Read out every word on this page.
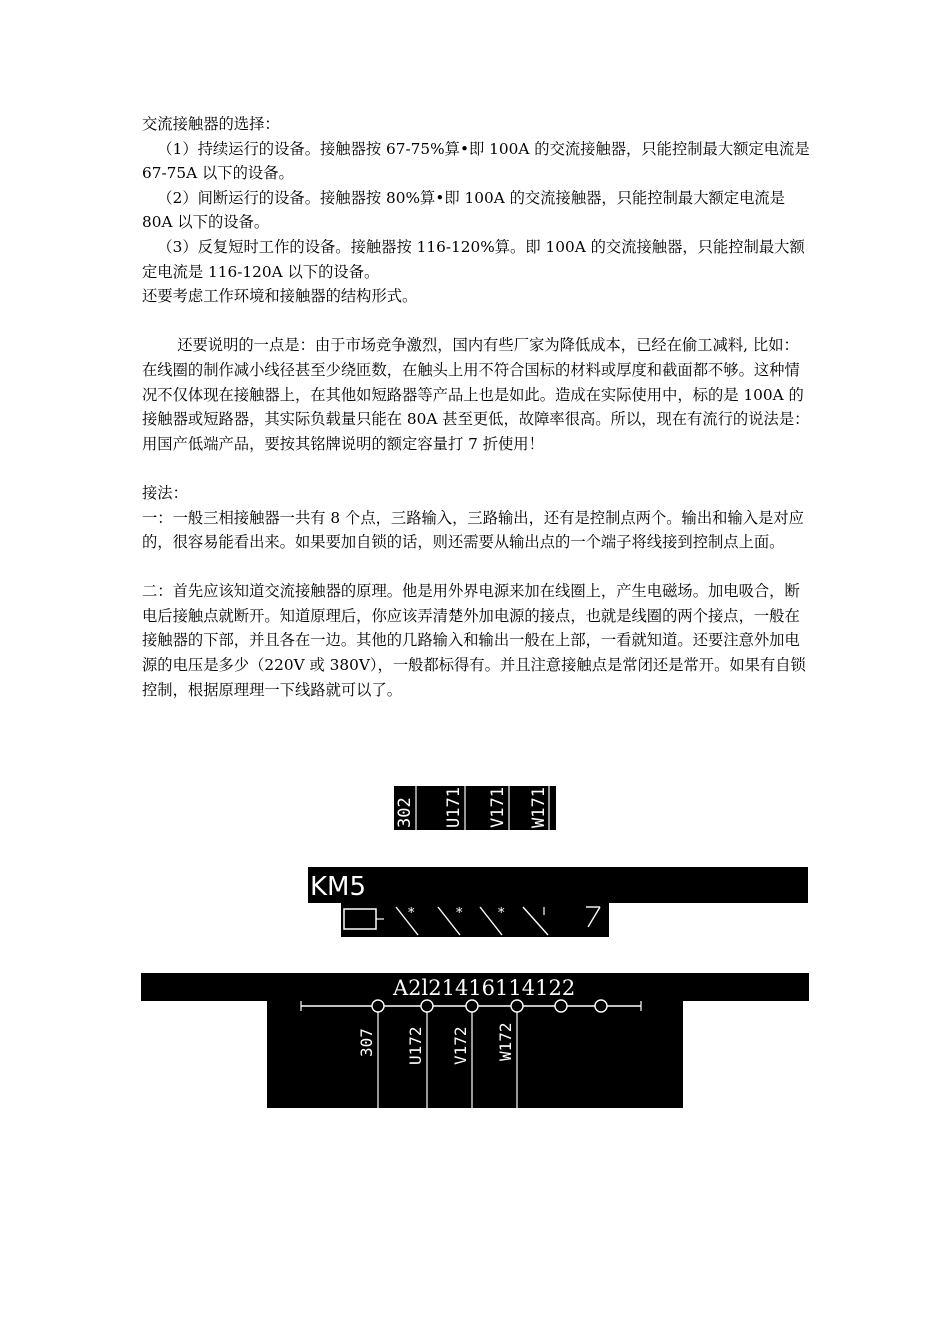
交流接触器的选择：

（1）持续运行的设备。接触器按 67-75%算•即 100A 的交流接触器，只能控制最大额定电流是 67-75A 以下的设备。

（2）间断运行的设备。接触器按 80%算•即 100A 的交流接触器，只能控制最大额定电流是 80A 以下的设备。

（3）反复短时工作的设备。接触器按 116-120%算。即 100A 的交流接触器，只能控制最大额定电流是 116-120A 以下的设备。

还要考虑工作环境和接触器的结构形式。

还要说明的一点是：由于市场竞争激烈，国内有些厂家为降低成本，已经在偷工减料, 比如：在线圈的制作减小线径甚至少绕匝数，在触头上用不符合国标的材料或厚度和截面都不够。这种情况不仅体现在接触器上，在其他如短路器等产品上也是如此。造成在实际使用中，标的是 100A 的接触器或短路器，其实际负载量只能在 80A 甚至更低，故障率很高。所以，现在有流行的说法是：用国产低端产品，要按其铭牌说明的额定容量打 7 折使用！

接法：

一：一般三相接触器一共有 8 个点，三路输入，三路输出，还有是控制点两个。输出和输入是对应的，很容易能看出来。如果要加自锁的话，则还需要从输出点的一个端子将线接到控制点上面。

二：首先应该知道交流接触器的原理。他是用外界电源来加在线圈上，产生电磁场。加电吸合，断电后接触点就断开。知道原理后，你应该弄清楚外加电源的接点，也就是线圈的两个接点，一般在接触器的下部，并且各在一边。其他的几路输入和输出一般在上部，一看就知道。还要注意外加电源的电压是多少（220V 或 380V），一般都标得有。并且注意接触点是常闭还是常开。如果有自锁控制，根据原理理一下线路就可以了。

302 U171 V171 W171
KM5
*	*	*
A2l21416114122
307 U172 V172 W172
